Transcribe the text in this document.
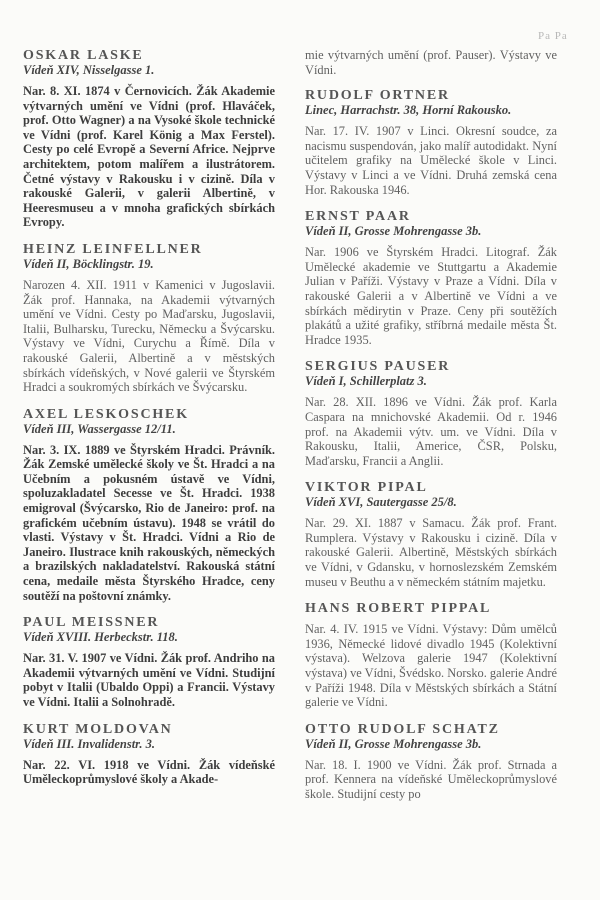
Pa Pa

OSKAR LASKE

Vídeň XIV, Nisselgasse 1.

Nar. 8. XI. 1874 v Černovicích. Žák Akademie výtvarných umění ve Vídni (prof. Hlaváček, prof. Otto Wagner) a na Vysoké škole technické ve Vídni (prof. Karel König a Max Ferstel). Cesty po celé Evropě a Severní Africe. Nejprve architektem, potom malířem a ilustrátorem. Četné výstavy v Rakousku i v cizině. Díla v rakouské Galerii, v galerii Albertině, v Heeresmuseu a v mnoha grafických sbírkách Evropy.

HEINZ LEINFELLNER

Vídeň II, Böcklingstr. 19.

Narozen 4. XII. 1911 v Kamenici v Jugoslavii. Žák prof. Hannaka, na Akademii výtvarných umění ve Vídni. Cesty po Maďarsku, Jugoslavii, Italii, Bulharsku, Turecku, Německu a Švýcarsku. Výstavy ve Vídni, Curychu a Římě. Díla v rakouské Galerii, Albertině a v městských sbírkách vídeňských, v Nové galerii ve Štyrském Hradci a soukromých sbírkách ve Švýcarsku.

AXEL LESKOSCHEK

Vídeň III, Wassergasse 12/11.

Nar. 3. IX. 1889 ve Štyrském Hradci. Právník. Žák Zemské umělecké školy ve Št. Hradci a na Učebním a pokusném ústavě ve Vídni, spoluzakladatel Secesse ve Št. Hradci. 1938 emigroval (Švýcarsko, Rio de Janeiro: prof. na grafickém učebním ústavu). 1948 se vrátil do vlasti. Výstavy v Št. Hradci. Vídni a Rio de Janeiro. Ilustrace knih rakouských, německých a brazilských nakladatelství. Rakouská státní cena, medaile města Štyrského Hradce, ceny soutěží na poštovní známky.

PAUL MEISSNER

Vídeň XVIII. Herbeckstr. 118.

Nar. 31. V. 1907 ve Vídni. Žák prof. Andriho na Akademii výtvarných umění ve Vídni. Studijní pobyt v Italii (Ubaldo Oppi) a Francii. Výstavy ve Vídni. Italii a Solnohradě.

KURT MOLDOVAN

Vídeň III. Invalidenstr. 3.

Nar. 22. VI. 1918 ve Vídni. Žák vídeňské Uměleckoprůmyslové školy a Akade-

mie výtvarných umění (prof. Pauser). Výstavy ve Vídni.

RUDOLF ORTNER

Linec, Harrachstr. 38, Horní Rakousko.

Nar. 17. IV. 1907 v Linci. Okresní soudce, za nacismu suspendován, jako malíř autodidakt. Nyní učitelem grafiky na Umělecké škole v Linci. Výstavy v Linci a ve Vídni. Druhá zemská cena Hor. Rakouska 1946.

ERNST PAAR

Vídeň II, Grosse Mohrengasse 3b.

Nar. 1906 ve Štyrském Hradci. Litograf. Žák Umělecké akademie ve Stuttgartu a Akademie Julian v Paříži. Výstavy v Praze a Vídni. Díla v rakouské Galerii a v Albertině ve Vídni a ve sbírkách mědirytin v Praze. Ceny při soutěžích plakátů a užité grafiky, stříbrná medaile města Št. Hradce 1935.

SERGIUS PAUSER

Vídeň I, Schillerplatz 3.

Nar. 28. XII. 1896 ve Vídni. Žák prof. Karla Caspara na mnichovské Akademii. Od r. 1946 prof. na Akademii výtv. um. ve Vídni. Díla v Rakousku, Italii, Americe, ČSR, Polsku, Maďarsku, Francii a Anglii.

VIKTOR PIPAL

Vídeň XVI, Sautergasse 25/8.

Nar. 29. XI. 1887 v Samacu. Žák prof. Frant. Rumplera. Výstavy v Rakousku i cizině. Díla v rakouské Galerii. Albertině, Městských sbírkách ve Vídni, v Gdansku, v hornoslezském Zemském museu v Beuthu a v německém státním majetku.

HANS ROBERT PIPPAL

Nar. 4. IV. 1915 ve Vídni. Výstavy: Dům umělců 1936, Německé lidové divadlo 1945 (Kolektivní výstava). Welzova galerie 1947 (Kolektivní výstava) ve Vídni, Švédsko. Norsko. galerie André v Paříži 1948. Díla v Městských sbírkách a Státní galerie ve Vídni.

OTTO RUDOLF SCHATZ

Vídeň II, Grosse Mohrengasse 3b.

Nar. 18. I. 1900 ve Vídni. Žák prof. Strnada a prof. Kennera na vídeňské Uměleckoprůmyslové škole. Studijní cesty po
